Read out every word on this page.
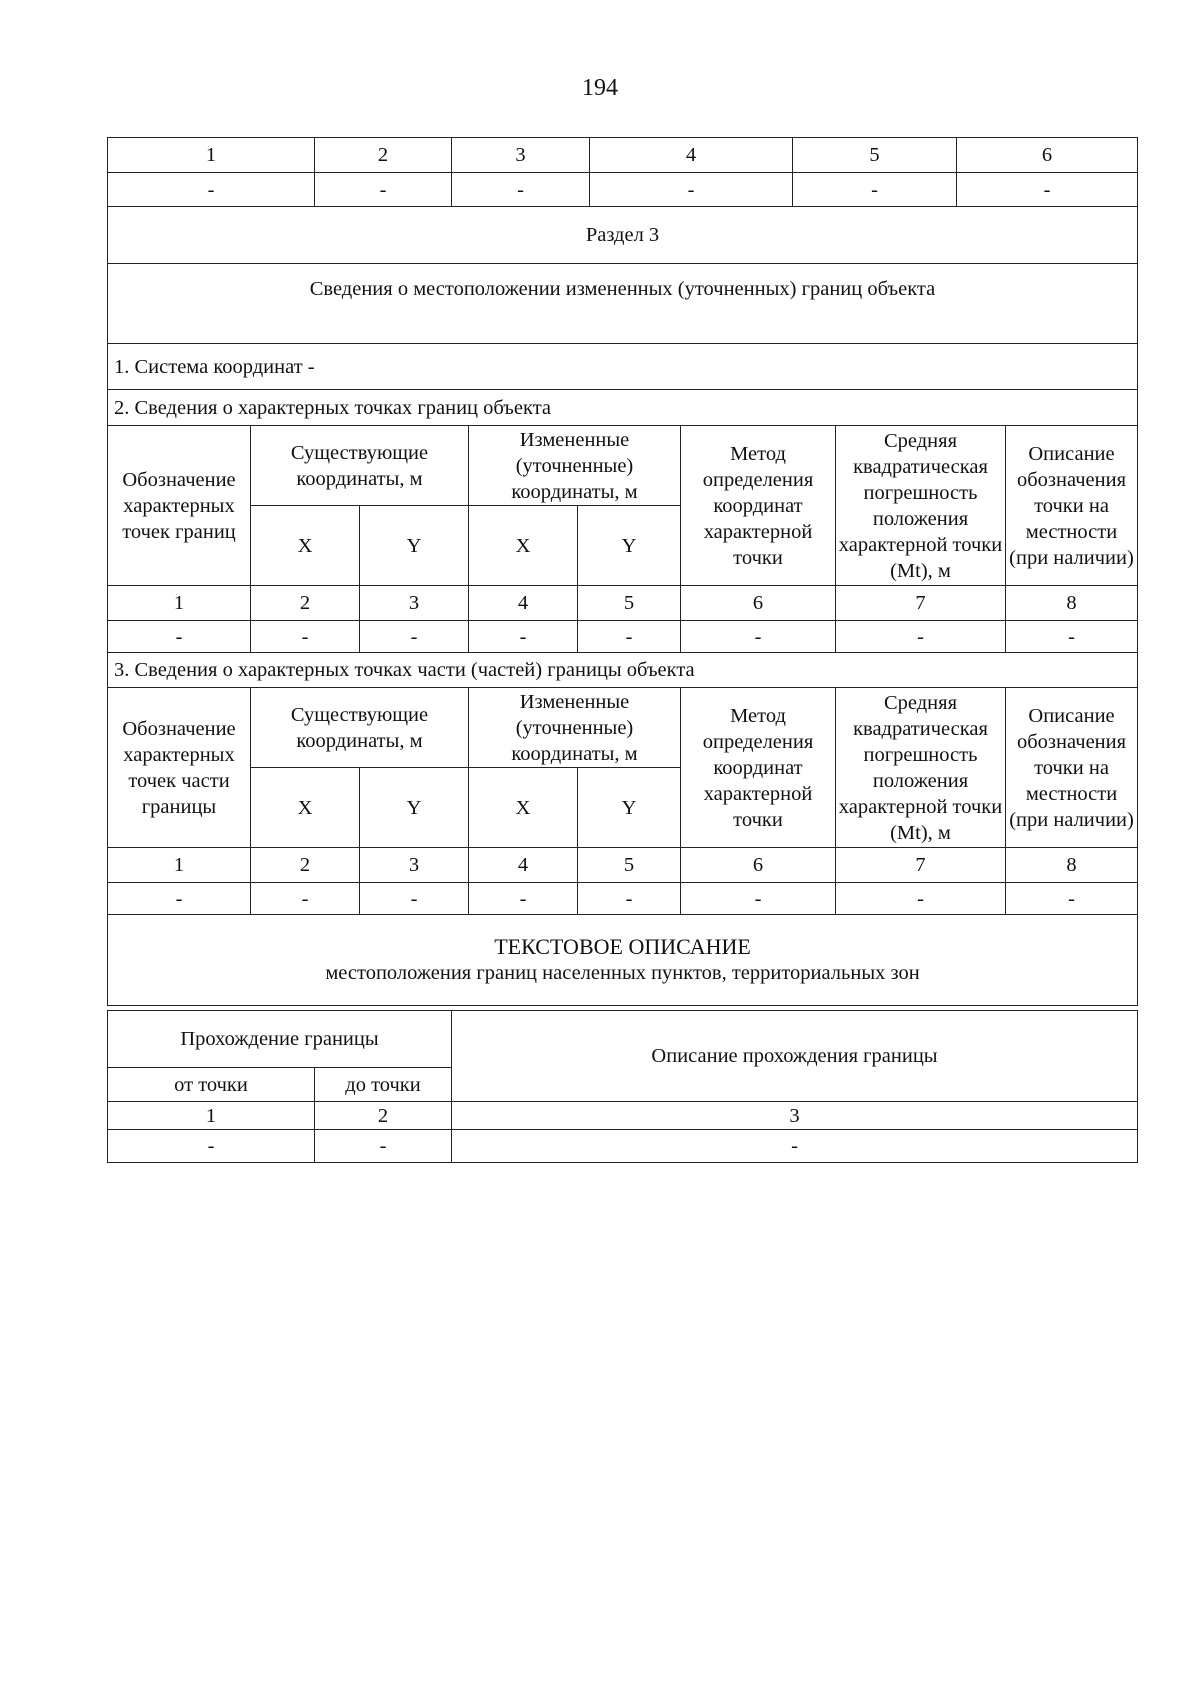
194
1	2	3	4	5	6
-	-	-	-	-	-
Раздел 3					
Сведения о местоположении измененных (уточненных) границ объекта					
1. Система координат -					
2. Сведения о характерных точках границ объекта					
Обозначение характерных точек границ	Существующие координаты, м		Измененные (уточненные) координаты, м		Метод определения координат характерной точки	Средняя квадратическая погрешность положения характерной точки (Mt), м	Описание обозначения точки на местности (при наличии)
	X	Y	X	Y			
1	2	3	4	5	6	7	8
-	-	-	-	-	-	-	-
3. Сведения о характерных точках части (частей) границы объекта							
Обозначение характерных точек части границы	Существующие координаты, м		Измененные (уточненные) координаты, м		Метод определения координат характерной точки	Средняя квадратическая погрешность положения характерной точки (Mt), м	Описание обозначения точки на местности (при наличии)
	X	Y	X	Y			
1	2	3	4	5	6	7	8
-	-	-	-	-	-	-	-

ТЕКСТОВОЕ ОПИСАНИЕ
местоположения границ населенных пунктов, территориальных зон							
Прохождение границы		Описание прохождения границы
от точки	до точки	
1	2	3
-	-	-
